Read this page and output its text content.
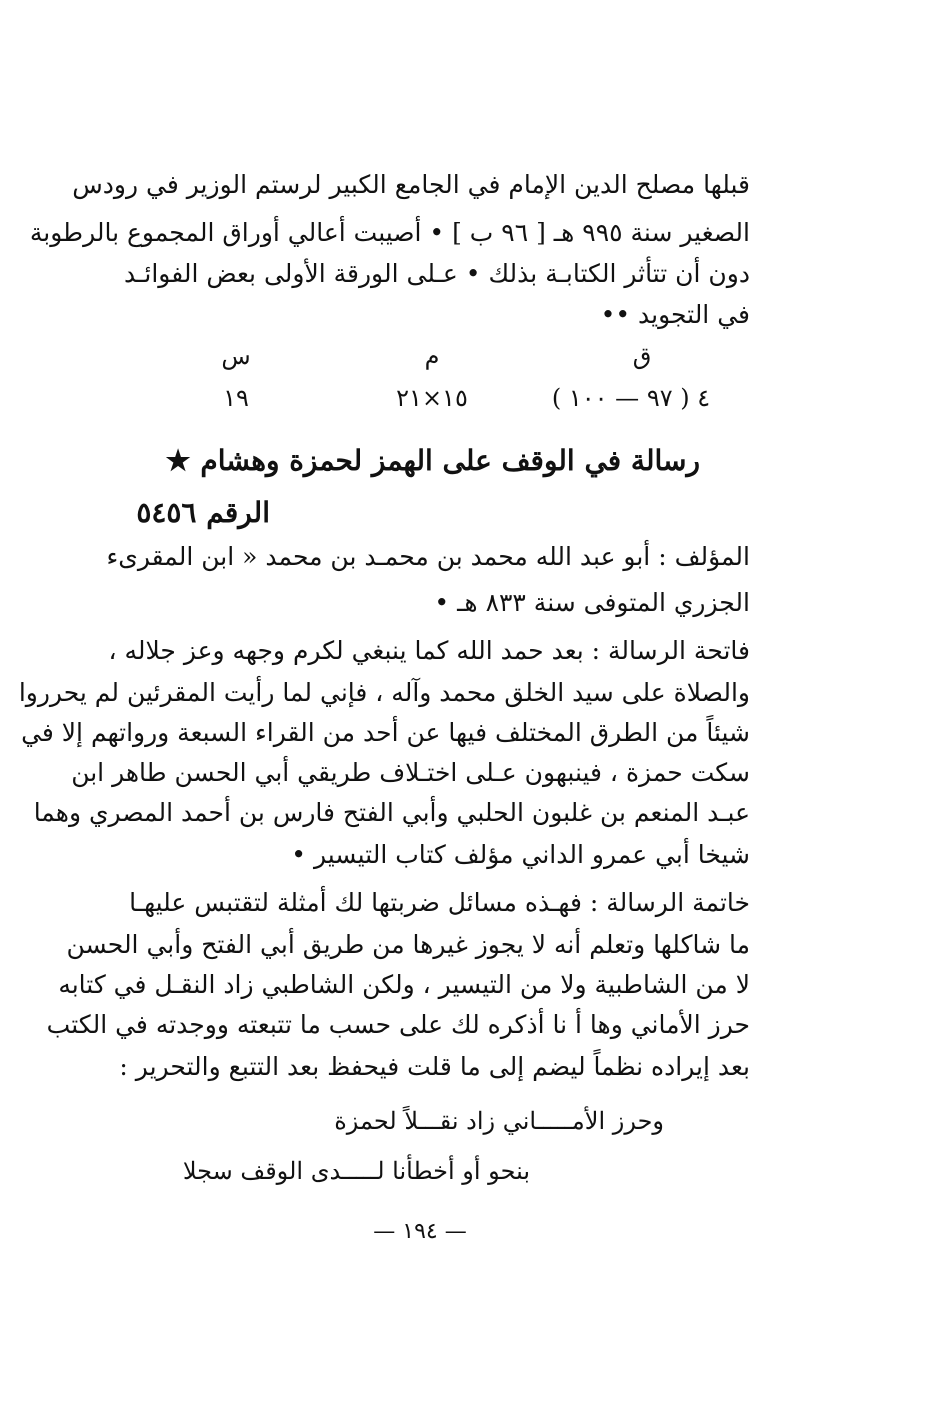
قبلها مصلح الدين الإمام في الجامع الكبير لرستم الوزير في رودس
الصغير سنة ٩٩٥ هـ [ ٩٦ ب ] • أصيبت أعالي أوراق المجموع بالرطوبة
دون أن تتأثر الكتابـة بذلك • عـلى الورقة الأولى بعض الفوائـد
في التجويد ••
ق
م
س
٤ ( ٩٧ — ١٠٠ )
١٥×٢١
١٩
رسالة في الوقف على الهمز لحمزة وهشام ★
الرقم ٥٤٥٦
المؤلف : أبو عبد الله محمد بن محمـد بن محمد « ابن المقرىء
الجزري المتوفى سنة ٨٣٣ هـ •
فاتحة الرسالة : بعد حمد الله كما ينبغي لكرم وجهه وعز جلاله ،
والصلاة على سيد الخلق محمد وآله ، فإني لما رأيت المقرئين لم يحرروا
شيئاً من الطرق المختلف فيها عن أحد من القراء السبعة ورواتهم إلا في
سكت حمزة ، فينبهون عـلى اختـلاف طريقي أبي الحسن طاهر ابن
عبـد المنعم بن غلبون الحلبي وأبي الفتح فارس بن أحمد المصري وهما
شيخا أبي عمرو الداني مؤلف كتاب التيسير •
خاتمة الرسالة : فهـذه مسائل ضربتها لك أمثلة لتقتبس عليهـا
ما شاكلها وتعلم أنه لا يجوز غيرها من طريق أبي الفتح وأبي الحسن
لا من الشاطبية ولا من التيسير ، ولكن الشاطبي زاد النقـل في كتابه
حرز الأماني وها أ نا أذكره لك على حسب ما تتبعته ووجدته في الكتب
بعد إيراده نظماً ليضم إلى ما قلت فيحفظ بعد التتبع والتحرير :
وحرز الأمـــــاني زاد نقـــلاً لحمزة
بنحو أو أخطأنا لـــــدى الوقف سجلا
— ١٩٤ —
